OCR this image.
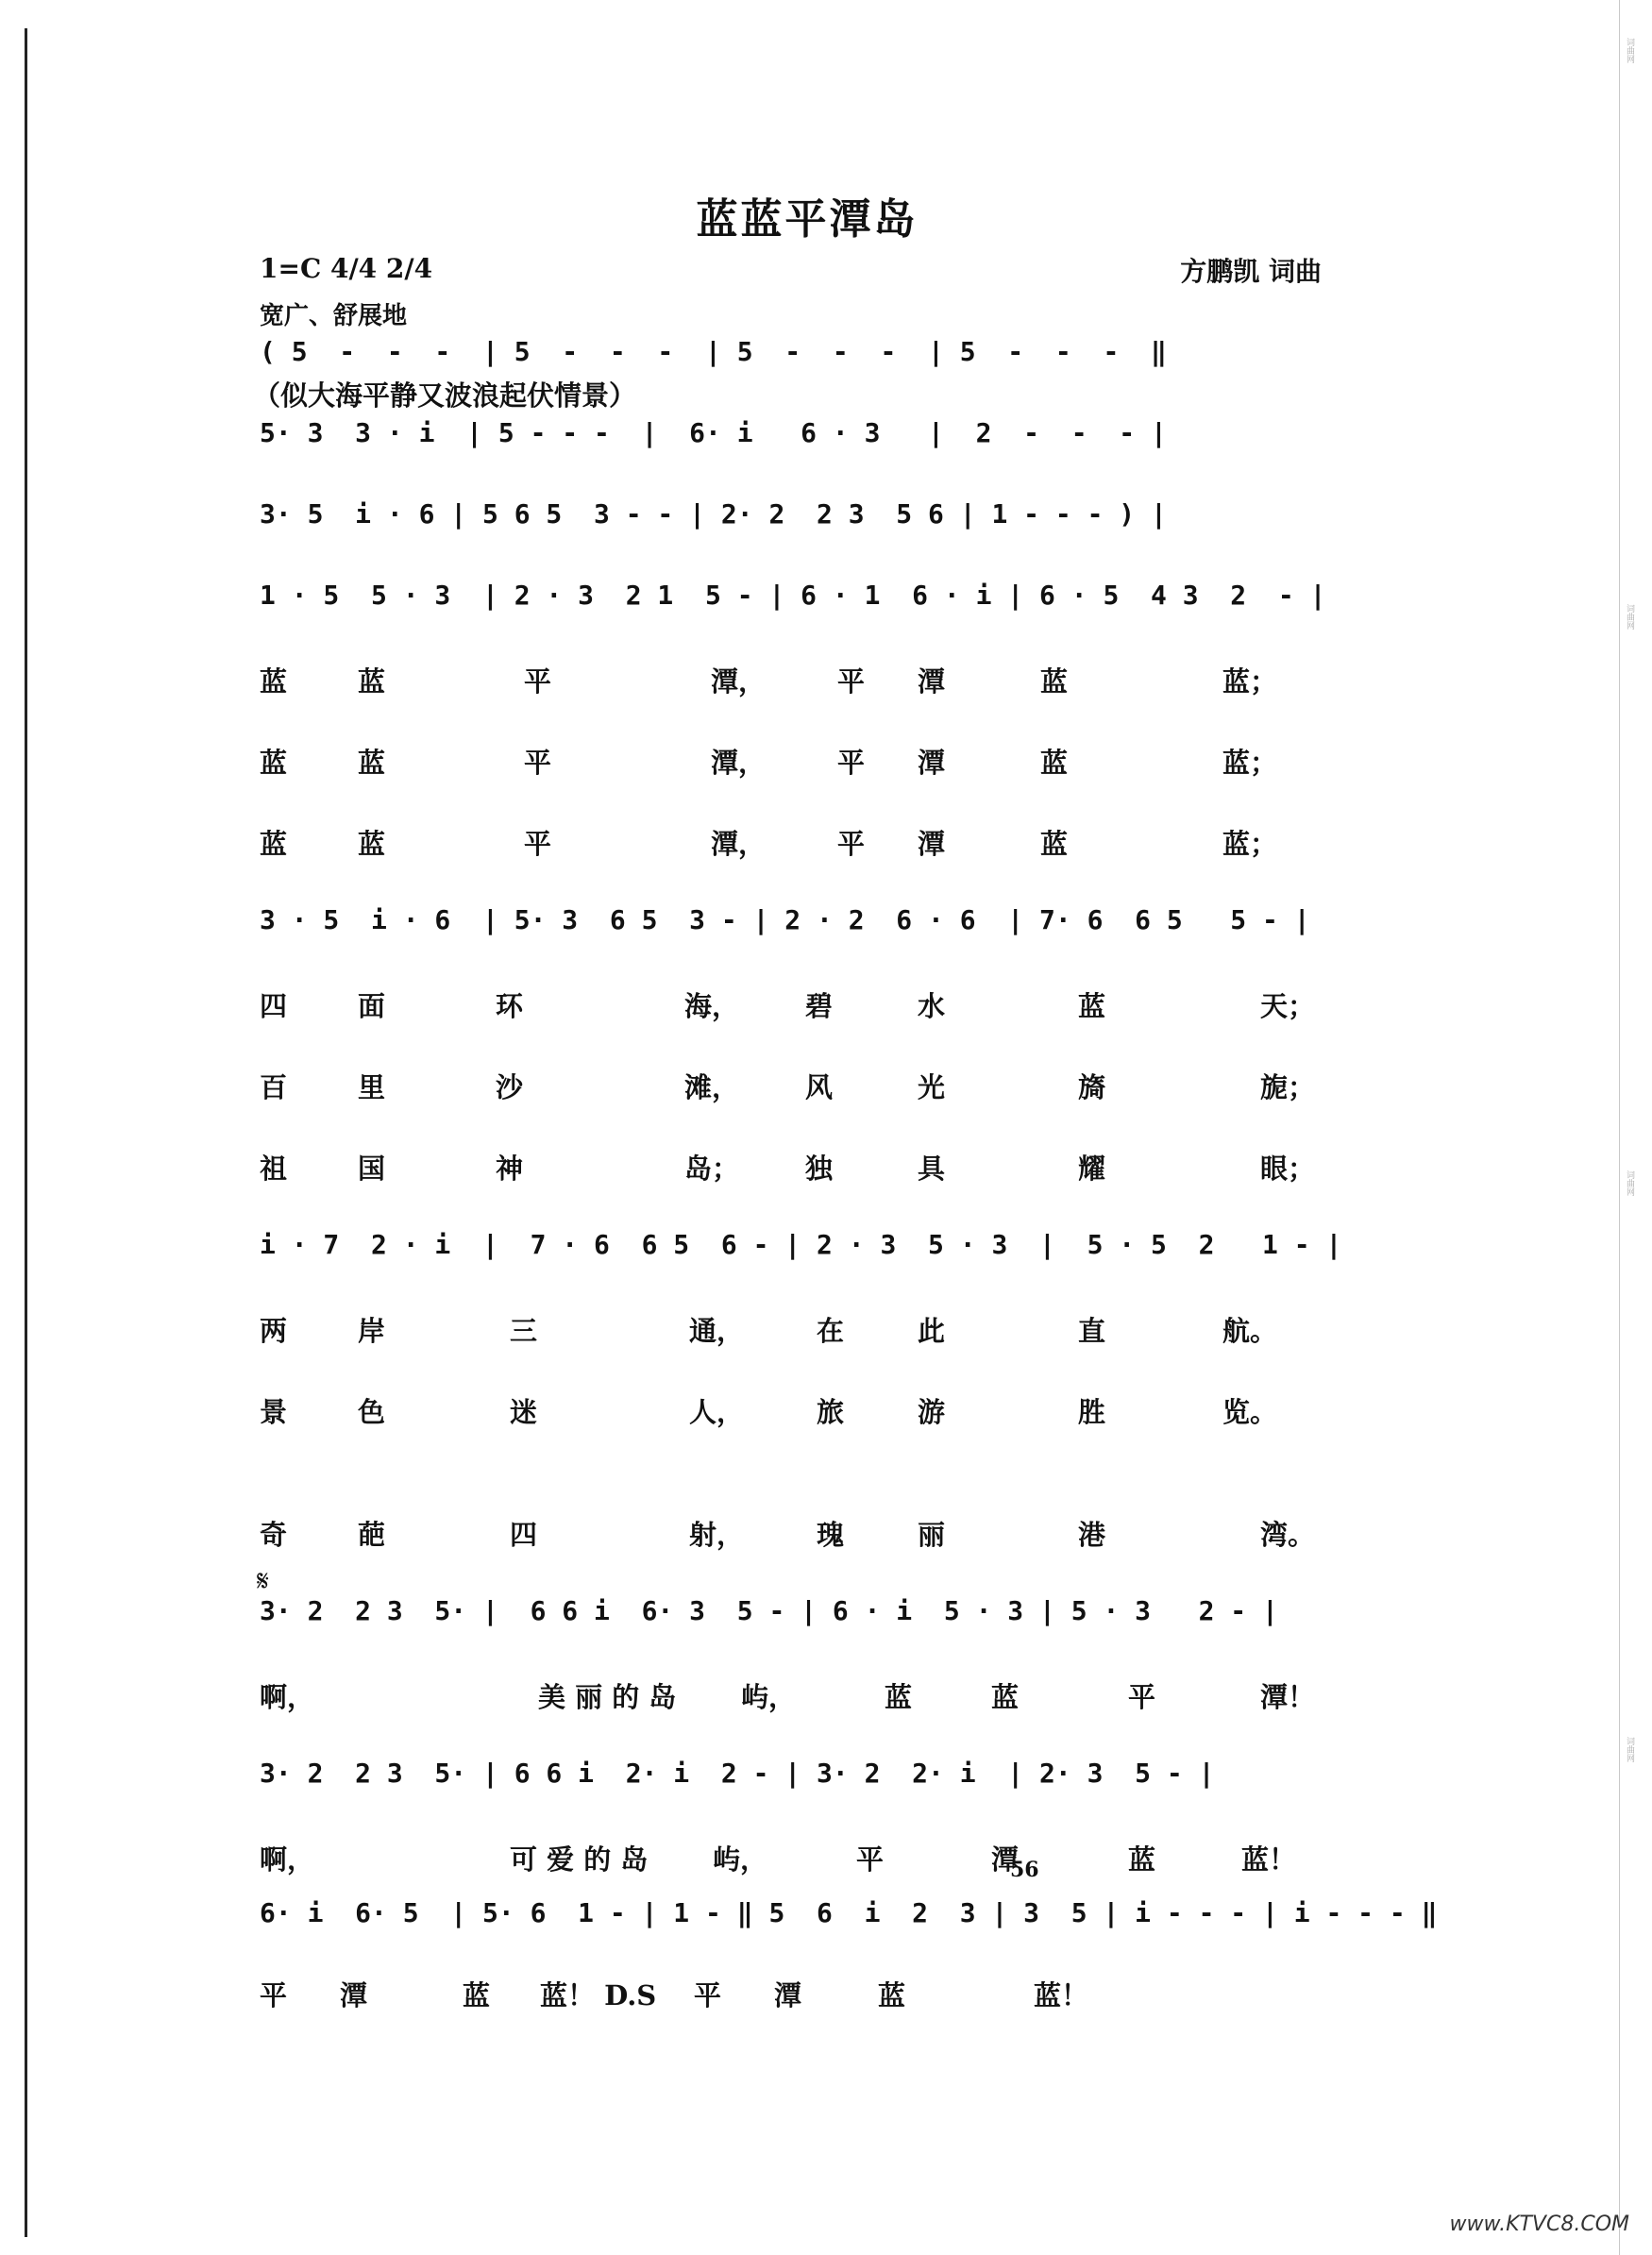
词曲网
词曲网
词曲网
词曲网
蓝蓝平潭岛
1=C 4/4 2/4	方鹏凯 词曲
宽广、舒展地
( 5  -  -  -  | 5  -  -  -  | 5  -  -  -  | 5  -  -  -  ‖
（似大海平静又波浪起伏情景）
5· 3  3 · i  | 5 - - -  |  6· i   6 · 3   |  2  -  -  - |
3· 5  i · 6 | 5 6 5  3 - - | 2· 2  2 3  5 6 | 1 - - - ) |
1 · 5  5 · 3  | 2 · 3  2 1  5 - | 6 · 1  6 · i | 6 · 5  4 3  2  - |
蓝	蓝	平	潭，	平 潭	蓝	蓝；
蓝	蓝	平	潭，	平 潭	蓝	蓝；
蓝	蓝	平	潭，	平 潭	蓝	蓝；
3 · 5  i · 6  | 5· 3  6 5  3 - | 2 · 2  6 · 6  | 7· 6  6 5   5 - |
四	面	环	海， 碧	水	蓝	天；
百	里	沙	滩， 风	光	旖	旎；
祖	国	神	岛； 独	具	耀	眼；
i · 7  2 · i  |  7 · 6  6 5  6 - | 2 · 3  5 · 3  |  5 · 5  2   1 - |
两	岸	三	通，	在	此	直	航。
景	色	迷	人，	旅	游	胜	览。
奇	葩	四	射，	瑰	丽	港	湾。
𝄋
3· 2  2 3  5· |  6 6 i  6· 3  5 - | 6 · i  5 · 3 | 5 · 3   2 - |
啊，	美 丽 的 岛 屿，	蓝	蓝	平	潭！
3· 2  2 3  5· | 6 6 i  2· i  2 - | 3· 2  2· i  | 2· 3  5 - |
啊，	可 爱 的 岛 屿，	平	潭	蓝	蓝！
56
6· i  6· 5  | 5· 6  1 - | 1 - ‖ 5  6  i  2  3 | 3  5 | i - - - | i - - - ‖
平 潭	蓝 蓝！ D.S 平 潭	蓝	蓝！
www.KTVC8.COM
